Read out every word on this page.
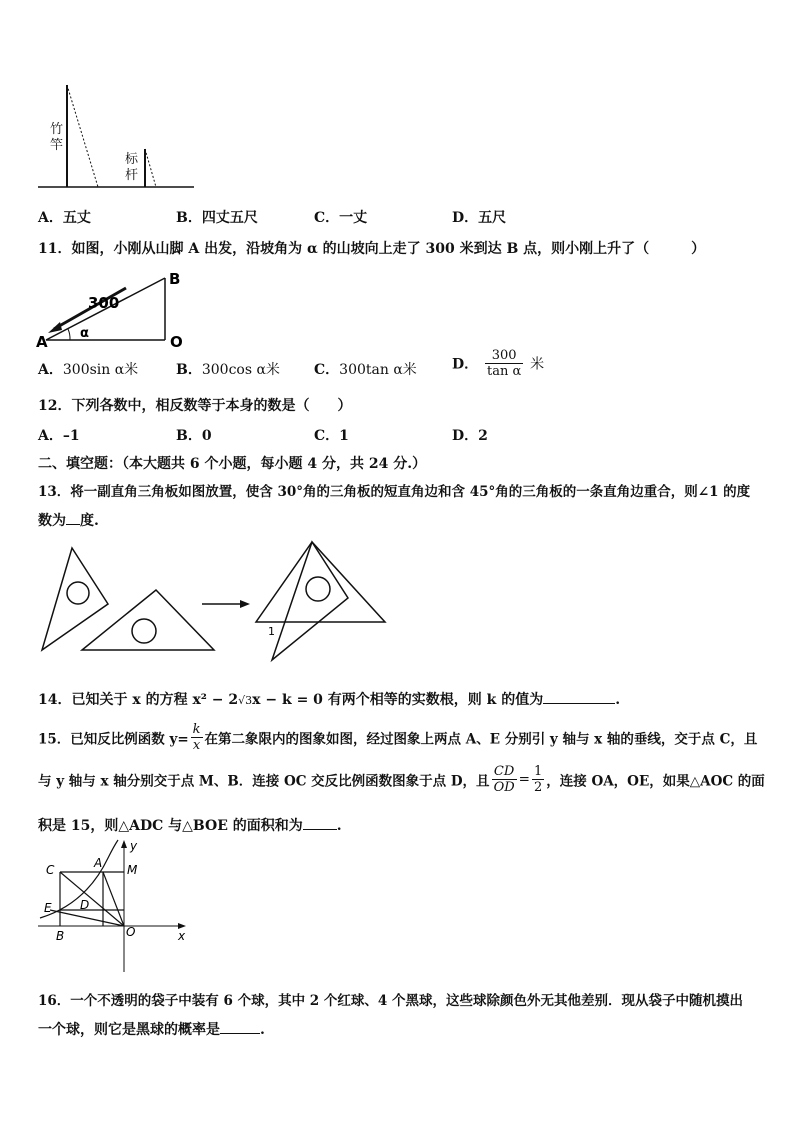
竹
竿
标
杆
A．五丈	B．四丈五尺	C．一丈	D．五尺
11．如图，小刚从山脚 A 出发，沿坡角为 α 的山坡向上走了 300 米到达 B 点，则小刚上升了（　　　）
300
A
B
O
α
A．300sin α米	B．300cos α米 C．300tan α米	D． $\frac{300}{\text{tan α}}$ 米
12．下列各数中，相反数等于本身的数是（　　）
A．–1	B．0	C．1	D．2
二、填空题：（本大题共 6 个小题，每小题 4 分，共 24 分.）
13．将一副直角三角板如图放置，使含 30°角的三角板的短直角边和含 45°角的三角板的一条直角边重合，则∠1 的度
数为 度.
1
14．已知关于 x 的方程 x² − 2√3x − k = 0 有两个相等的实数根，则 k 的值为	.
15．已知反比例函数 $y= \frac{k}{x}$ 在第二象限内的图象如图，经过图象上两点 A、E 分别引 y 轴与 x 轴的垂线，交于点 C，且
与 y 轴与 x 轴分别交于点 M、B．连接 OC 交反比例函数图象于点 D，且 $\frac{CD}{OD} = \frac{1}{2}$ ，连接 OA，OE，如果△AOC 的面
积是 15，则△ADC 与△BOE 的面积和为 .
C	A M
y
E D
B	O	x
16．一个不透明的袋子中装有 6 个球，其中 2 个红球、4 个黑球，这些球除颜色外无其他差别．现从袋子中随机摸出
一个球，则它是黑球的概率是	.
